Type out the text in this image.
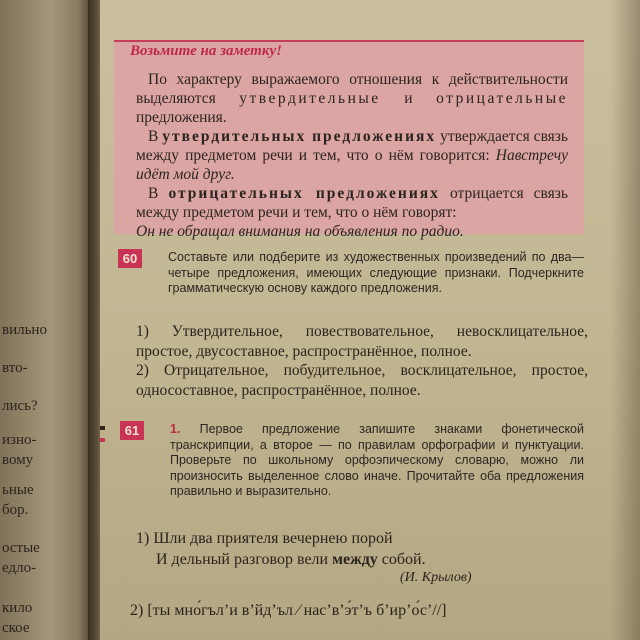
вильно
вто-
лись?
изно-
вому
ьные
бор.
остые
едло-
кило
ское
Возьмите на заметку!

По характеру выражаемого отношения к действительности выделяются утвердительные и отрицательные предложения.

В утвердительных предложениях утверждается связь между предметом речи и тем, что о нём говорится: Навстречу идёт мой друг.

В отрицательных предложениях отрицается связь между предметом речи и тем, что о нём говорят:

Он не обращал внимания на объявления по радио.

60	Составьте или подберите из художественных произведений по два—четыре предложения, имеющих следующие признаки. Подчеркните грамматическую основу каждого предложения.

1) Утвердительное, повествовательное, невосклицательное, простое, двусоставное, распространённое, полное.

2) Отрицательное, побудительное, восклицательное, простое, односоставное, распространённое, полное.

61	1. Первое предложение запишите знаками фонетической транскрипции, а второе — по правилам орфографии и пунктуации. Проверьте по школьному орфоэпическому словарю, можно ли произносить выделенное слово иначе. Прочитайте оба предложения правильно и выразительно.

1) Шли два приятеля вечернею порой

И дельный разговор вели между собой.

(И. Крылов)
2) [ты мно́гъл’и в’йд’ъл ∕ нас’в’э́т’ъ б’ир’о́с’//]
